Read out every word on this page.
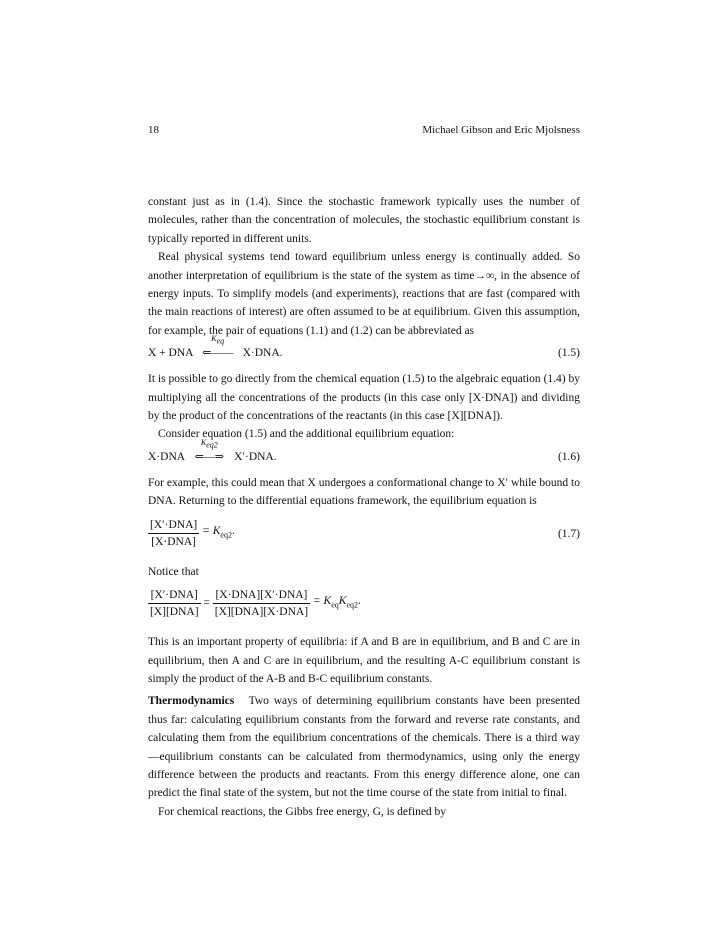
18	Michael Gibson and Eric Mjolsness

constant just as in (1.4). Since the stochastic framework typically uses the number of molecules, rather than the concentration of molecules, the stochastic equilibrium constant is typically reported in different units.

Real physical systems tend toward equilibrium unless energy is continually added. So another interpretation of equilibrium is the state of the system as time→∞, in the absence of energy inputs. To simplify models (and experiments), reactions that are fast (compared with the main reactions of interest) are often assumed to be at equilibrium. Given this assumption, for example, the pair of equations (1.1) and (1.2) can be abbreviated as

X + DNA
$K_{eq}$
⇐—— X·DNA.	(1.5)

It is possible to go directly from the chemical equation (1.5) to the algebraic equation (1.4) by multiplying all the concentrations of the products (in this case only [X·DNA]) and dividing by the product of the concentrations of the reactants (in this case [X][DNA]).

Consider equation (1.5) and the additional equilibrium equation:

X·DNA
$K_{eq2}$
⇐—⇒ X′·DNA.	(1.6)

For example, this could mean that X undergoes a conformational change to X′ while bound to DNA. Returning to the differential equations framework, the equilibrium equation is

$\frac{\text{[X′·DNA]}}{\text{[X·DNA]}} = K_{eq2}$.	(1.7)

Notice that

$\frac{\text{[X′·DNA]}}{\text{[X][DNA]}} = \frac{\text{[X·DNA][X′·DNA]}}{\text{[X][DNA][X·DNA]}} = K_{eq}K_{eq2}$.

This is an important property of equilibria: if A and B are in equilibrium, and B and C are in equilibrium, then A and C are in equilibrium, and the resulting A-C equilibrium constant is simply the product of the A-B and B-C equilibrium constants.

Thermodynamics Two ways of determining equilibrium constants have been presented thus far: calculating equilibrium constants from the forward and reverse rate constants, and calculating them from the equilibrium concentrations of the chemicals. There is a third way—equilibrium constants can be calculated from thermodynamics, using only the energy difference between the products and reactants. From this energy difference alone, one can predict the final state of the system, but not the time course of the state from initial to final.

For chemical reactions, the Gibbs free energy, G, is defined by
